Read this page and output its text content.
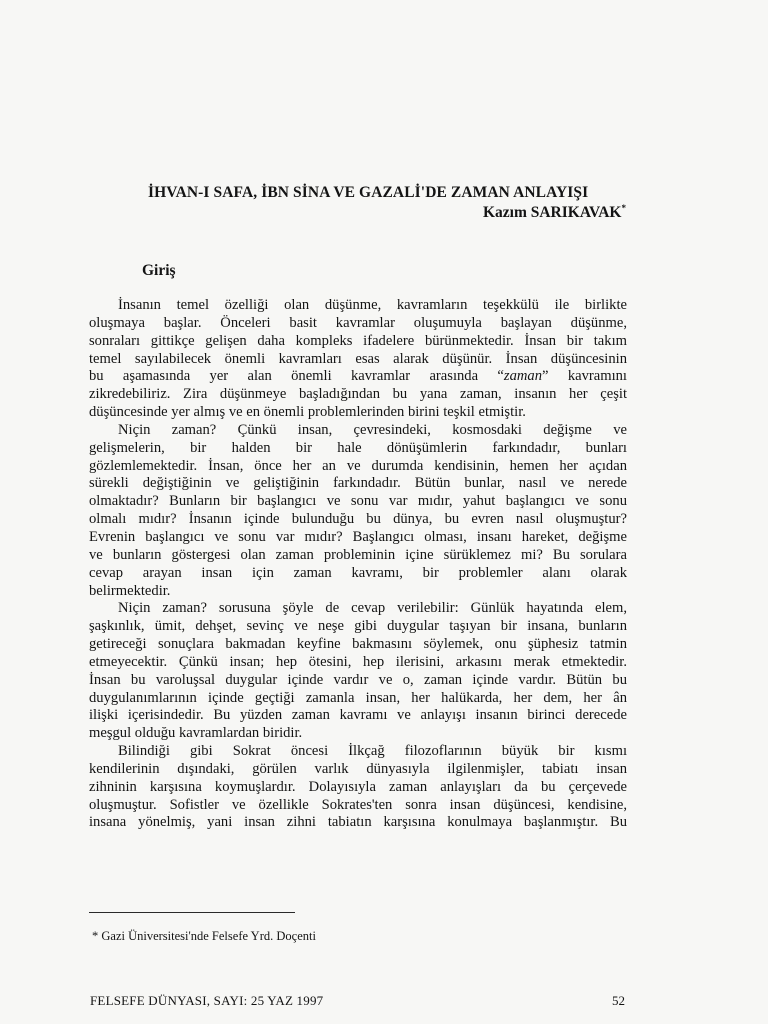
İHVAN-I SAFA, İBN SİNA VE GAZALİ'DE ZAMAN ANLAYIŞI
Kazım SARIKAVAK*
Giriş

İnsanın temel özelliği olan düşünme, kavramların teşekkülü ile birlikte

oluşmaya başlar. Önceleri basit kavramlar oluşumuyla başlayan düşünme,

sonraları gittikçe gelişen daha kompleks ifadelere bürünmektedir. İnsan bir takım

temel sayılabilecek önemli kavramları esas alarak düşünür. İnsan düşüncesinin

bu aşamasında yer alan önemli kavramlar arasında “zaman” kavramını

zikredebiliriz. Zira düşünmeye başladığından bu yana zaman, insanın her çeşit

düşüncesinde yer almış ve en önemli problemlerinden birini teşkil etmiştir.

Niçin zaman? Çünkü insan, çevresindeki, kosmosdaki değişme ve

gelişmelerin, bir halden bir hale dönüşümlerin farkındadır, bunları

gözlemlemektedir. İnsan, önce her an ve durumda kendisinin, hemen her açıdan

sürekli değiştiğinin ve geliştiğinin farkındadır. Bütün bunlar, nasıl ve nerede

olmaktadır? Bunların bir başlangıcı ve sonu var mıdır, yahut başlangıcı ve sonu

olmalı mıdır? İnsanın içinde bulunduğu bu dünya, bu evren nasıl oluşmuştur?

Evrenin başlangıcı ve sonu var mıdır? Başlangıcı olması, insanı hareket, değişme

ve bunların göstergesi olan zaman probleminin içine sürüklemez mi? Bu sorulara

cevap arayan insan için zaman kavramı, bir problemler alanı olarak

belirmektedir.

Niçin zaman? sorusuna şöyle de cevap verilebilir: Günlük hayatında elem,

şaşkınlık, ümit, dehşet, sevinç ve neşe gibi duygular taşıyan bir insana, bunların

getireceği sonuçlara bakmadan keyfine bakmasını söylemek, onu şüphesiz tatmin

etmeyecektir. Çünkü insan; hep ötesini, hep ilerisini, arkasını merak etmektedir.

İnsan bu varoluşsal duygular içinde vardır ve o, zaman içinde vardır. Bütün bu

duygulanımlarının içinde geçtiği zamanla insan, her halükarda, her dem, her ân

ilişki içerisindedir. Bu yüzden zaman kavramı ve anlayışı insanın birinci derecede

meşgul olduğu kavramlardan biridir.

Bilindiği gibi Sokrat öncesi İlkçağ filozoflarının büyük bir kısmı

kendilerinin dışındaki, görülen varlık dünyasıyla ilgilenmişler, tabiatı insan

zihninin karşısına koymuşlardır. Dolayısıyla zaman anlayışları da bu çerçevede

oluşmuştur. Sofistler ve özellikle Sokrates'ten sonra insan düşüncesi, kendisine,

insana yönelmiş, yani insan zihni tabiatın karşısına konulmaya başlanmıştır. Bu

* Gazi Üniversitesi'nde Felsefe Yrd. Doçenti
FELSEFE DÜNYASI, SAYI: 25 YAZ 1997	52
